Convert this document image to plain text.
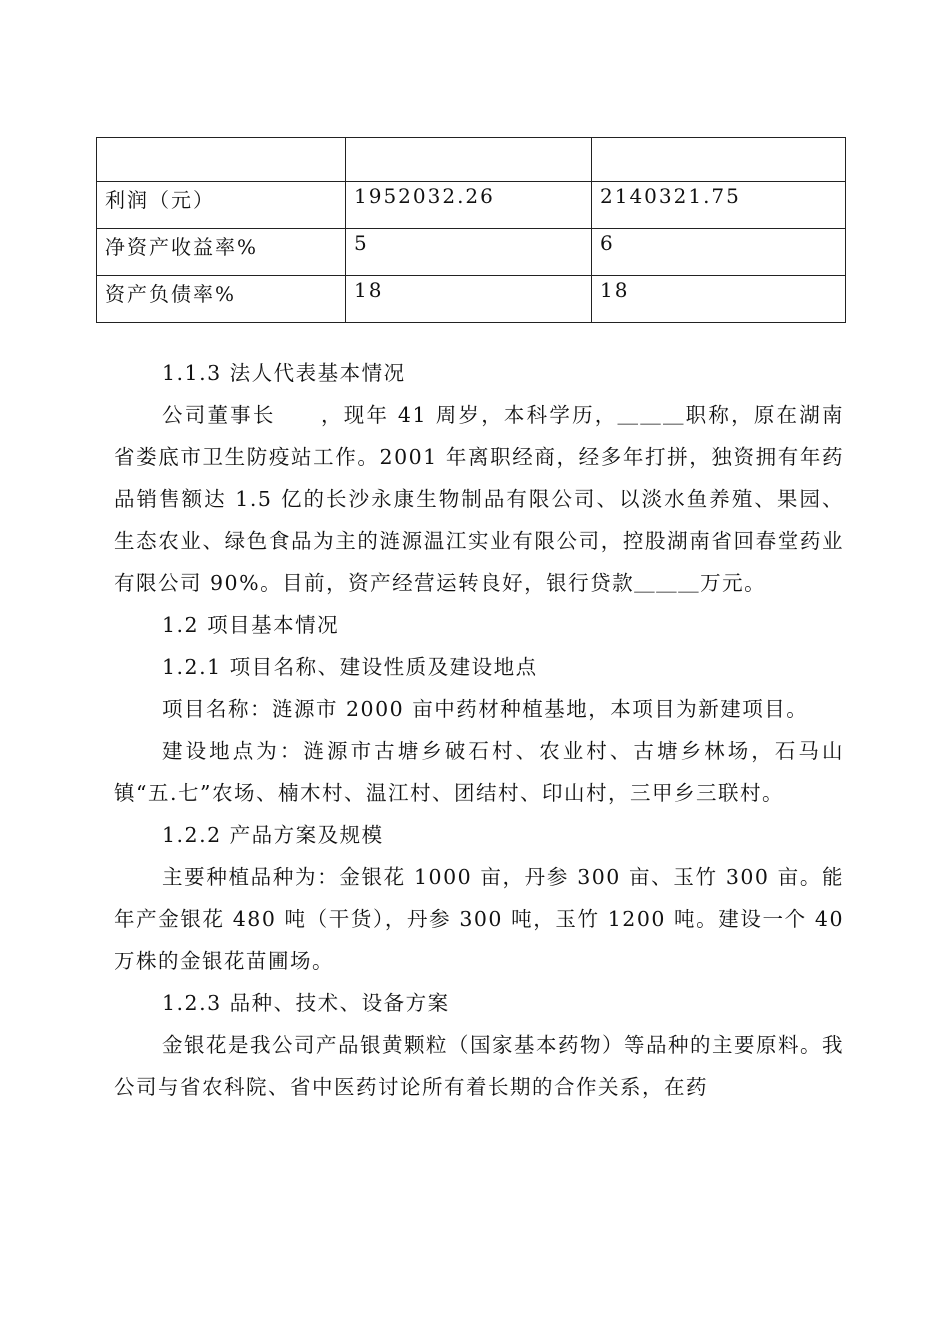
利润（元）	1952032.26	2140321.75
净资产收益率%	5	6
资产负债率%	18	18

1.1.3 法人代表基本情况

公司董事长　　，现年 41 周岁，本科学历，＿＿＿职称，原在湖南省娄底市卫生防疫站工作。2001 年离职经商，经多年打拼，独资拥有年药品销售额达 1.5 亿的长沙永康生物制品有限公司、以淡水鱼养殖、果园、生态农业、绿色食品为主的涟源温江实业有限公司，控股湖南省回春堂药业有限公司 90%。目前，资产经营运转良好，银行贷款＿＿＿万元。

1.2 项目基本情况

1.2.1 项目名称、建设性质及建设地点

项目名称：涟源市 2000 亩中药材种植基地，本项目为新建项目。

建设地点为：涟源市古塘乡破石村、农业村、古塘乡林场，石马山镇“五.七”农场、楠木村、温江村、团结村、印山村，三甲乡三联村。

1.2.2 产品方案及规模

主要种植品种为：金银花 1000 亩，丹参 300 亩、玉竹 300 亩。能年产金银花 480 吨（干货），丹参 300 吨，玉竹 1200 吨。建设一个 40 万株的金银花苗圃场。

1.2.3 品种、技术、设备方案

金银花是我公司产品银黄颗粒（国家基本药物）等品种的主要原料。我公司与省农科院、省中医药讨论所有着长期的合作关系，在药
